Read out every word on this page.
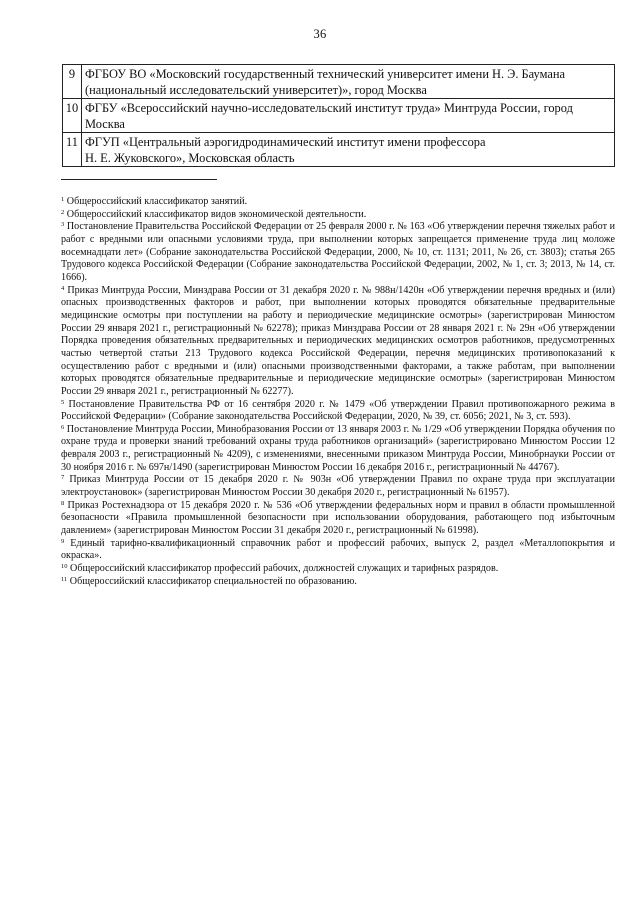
36
9	ФГБОУ ВО «Московский государственный технический университет имени Н. Э. Баумана (национальный исследовательский университет)», город Москва
10	ФГБУ «Всероссийский научно-исследовательский институт труда» Минтруда России, город Москва
11	ФГУП «Центральный аэрогидродинамический институт имени профессора
Н. Е. Жуковского», Московская область

$^1$ Общероссийский классификатор занятий.

$^2$ Общероссийский классификатор видов экономической деятельности.

$^3$ Постановление Правительства Российской Федерации от 25 февраля 2000 г. № 163 «Об утверждении перечня тяжелых работ и работ с вредными или опасными условиями труда, при выполнении которых запрещается применение труда лиц моложе восемнадцати лет» (Собрание законодательства Российской Федерации, 2000, № 10, ст. 1131; 2011, № 26, ст. 3803); статья 265 Трудового кодекса Российской Федерации (Собрание законодательства Российской Федерации, 2002, № 1, ст. 3; 2013, № 14, ст. 1666).

$^4$ Приказ Минтруда России, Минздрава России от 31 декабря 2020 г. № 988н/1420н «Об утверждении перечня вредных и (или) опасных производственных факторов и работ, при выполнении которых проводятся обязательные предварительные медицинские осмотры при поступлении на работу и периодические медицинские осмотры» (зарегистрирован Минюстом России 29 января 2021 г., регистрационный № 62278); приказ Минздрава России от 28 января 2021 г. № 29н «Об утверждении Порядка проведения обязательных предварительных и периодических медицинских осмотров работников, предусмотренных частью четвертой статьи 213 Трудового кодекса Российской Федерации, перечня медицинских противопоказаний к осуществлению работ с вредными и (или) опасными производственными факторами, а также работам, при выполнении которых проводятся обязательные предварительные и периодические медицинские осмотры» (зарегистрирован Минюстом России 29 января 2021 г., регистрационный № 62277).

$^5$ Постановление Правительства РФ от 16 сентября 2020 г. № 1479 «Об утверждении Правил противопожарного режима в Российской Федерации» (Собрание законодательства Российской Федерации, 2020, № 39, ст. 6056; 2021, № 3, ст. 593).

$^6$ Постановление Минтруда России, Минобразования России от 13 января 2003 г. № 1/29 «Об утверждении Порядка обучения по охране труда и проверки знаний требований охраны труда работников организаций» (зарегистрировано Минюстом России 12 февраля 2003 г., регистрационный № 4209), с изменениями, внесенными приказом Минтруда России, Минобрнауки России от 30 ноября 2016 г. № 697н/1490 (зарегистрирован Минюстом России 16 декабря 2016 г., регистрационный № 44767).

$^7$ Приказ Минтруда России от 15 декабря 2020 г. № 903н «Об утверждении Правил по охране труда при эксплуатации электроустановок» (зарегистрирован Минюстом России 30 декабря 2020 г., регистрационный № 61957).

$^8$ Приказ Ростехнадзора от 15 декабря 2020 г. № 536 «Об утверждении федеральных норм и правил в области промышленной безопасности «Правила промышленной безопасности при использовании оборудования, работающего под избыточным давлением» (зарегистрирован Минюстом России 31 декабря 2020 г., регистрационный № 61998).

$^9$ Единый тарифно-квалификационный справочник работ и профессий рабочих, выпуск 2, раздел «Металлопокрытия и окраска».

$^{10}$ Общероссийский классификатор профессий рабочих, должностей служащих и тарифных разрядов.

$^{11}$ Общероссийский классификатор специальностей по образованию.
